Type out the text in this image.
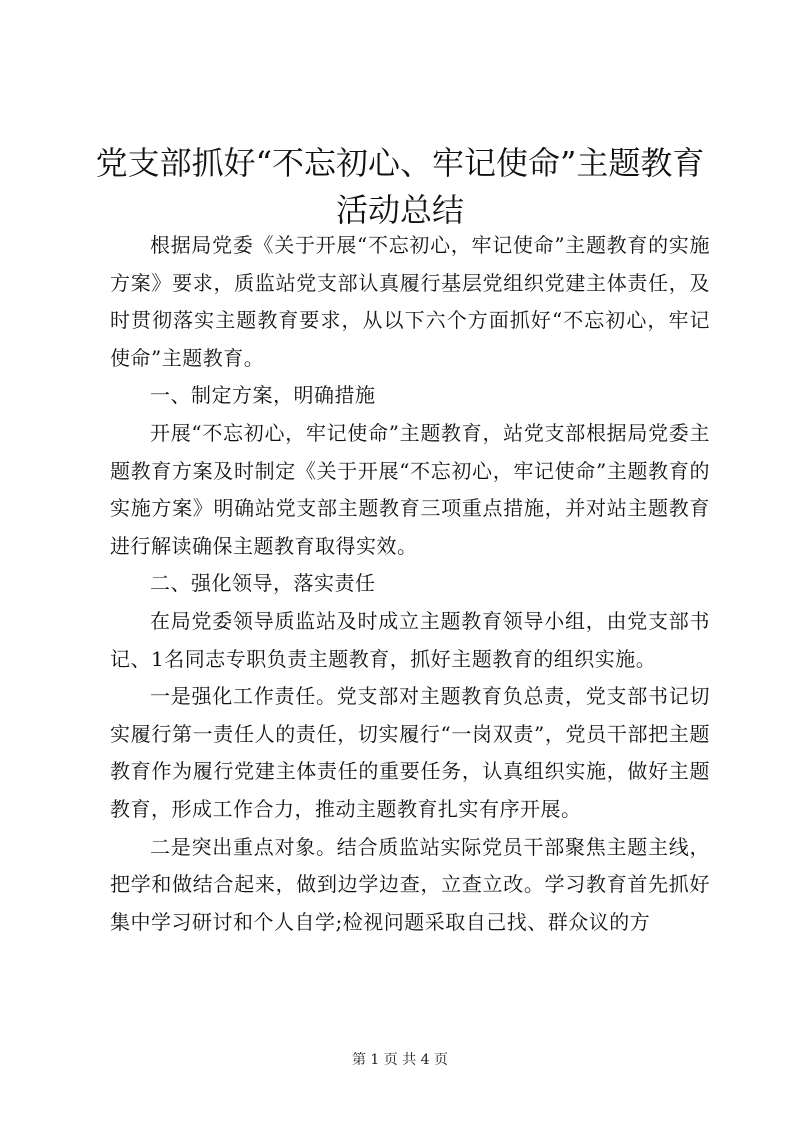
党支部抓好“不忘初心、牢记使命”主题教育
活动总结

根据局党委《关于开展“不忘初心，牢记使命”主题教育的实施方案》要求，质监站党支部认真履行基层党组织党建主体责任，及时贯彻落实主题教育要求，从以下六个方面抓好“不忘初心，牢记使命”主题教育。

一、制定方案，明确措施

开展“不忘初心，牢记使命”主题教育，站党支部根据局党委主题教育方案及时制定《关于开展“不忘初心，牢记使命”主题教育的实施方案》明确站党支部主题教育三项重点措施，并对站主题教育进行解读确保主题教育取得实效。

二、强化领导，落实责任

在局党委领导质监站及时成立主题教育领导小组，由党支部书记、1名同志专职负责主题教育，抓好主题教育的组织实施。

一是强化工作责任。党支部对主题教育负总责，党支部书记切实履行第一责任人的责任，切实履行“一岗双责”，党员干部把主题教育作为履行党建主体责任的重要任务，认真组织实施，做好主题教育，形成工作合力，推动主题教育扎实有序开展。

二是突出重点对象。结合质监站实际党员干部聚焦主题主线，把学和做结合起来，做到边学边查，立查立改。学习教育首先抓好集中学习研讨和个人自学;检视问题采取自己找、群众议的方

第 1 页 共 4 页
